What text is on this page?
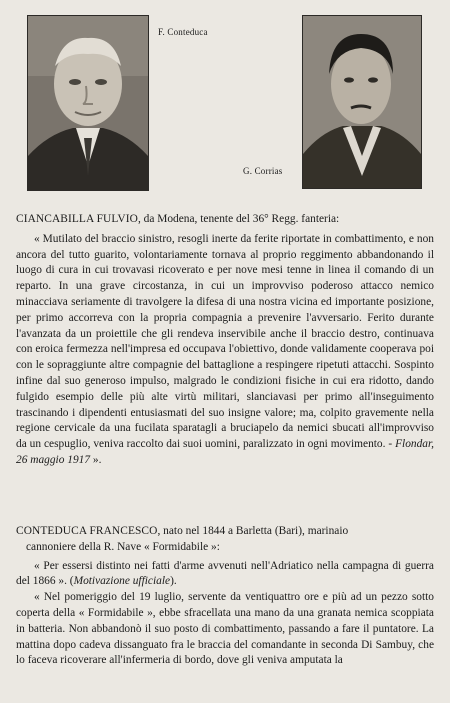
F. Conteduca
G. Corrias

CIANCABILLA FULVIO, da Modena, tenente del 36° Regg. fanteria:

« Mutilato del braccio sinistro, resogli inerte da ferite riportate in combattimento, e non ancora del tutto guarito, volontariamente tornava al proprio reggimento abbandonando il luogo di cura in cui trovavasi ricoverato e per nove mesi tenne in linea il comando di un reparto. In una grave circostanza, in cui un improvviso poderoso attacco nemico minacciava seriamente di travolgere la difesa di una nostra vicina ed importante posizione, per primo accorreva con la propria compagnia a prevenire l'avversario. Ferito durante l'avanzata da un proiettile che gli rendeva inservibile anche il braccio destro, continuava con eroica fermezza nell'impresa ed occupava l'obiettivo, donde validamente cooperava poi con le sopraggiunte altre compagnie del battaglione a respingere ripetuti attacchi. Sospinto infine dal suo generoso impulso, malgrado le condizioni fisiche in cui era ridotto, dando fulgido esempio delle più alte virtù militari, slanciavasi per primo all'inseguimento trascinando i dipendenti entusiasmati del suo insigne valore; ma, colpito gravemente nella regione cervicale da una fucilata sparatagli a bruciapelo da nemici sbucati all'improvviso da un cespuglio, veniva raccolto dai suoi uomini, paralizzato in ogni movimento. - Flondar, 26 maggio 1917 ».

CONTEDUCA FRANCESCO, nato nel 1844 a Barletta (Bari), marinaio

cannoniere della R. Nave « Formidabile »:

« Per essersi distinto nei fatti d'arme avvenuti nell'Adriatico nella campagna di guerra del 1866 ». (Motivazione ufficiale).

« Nel pomeriggio del 19 luglio, servente da ventiquattro ore e più ad un pezzo sotto coperta della « Formidabile », ebbe sfracellata una mano da una granata nemica scoppiata in batteria. Non abbandonò il suo posto di combattimento, passando a fare il puntatore. La mattina dopo cadeva dissanguato fra le braccia del comandante in seconda Di Sambuy, che lo faceva ricoverare all'infermeria di bordo, dove gli veniva amputata la
